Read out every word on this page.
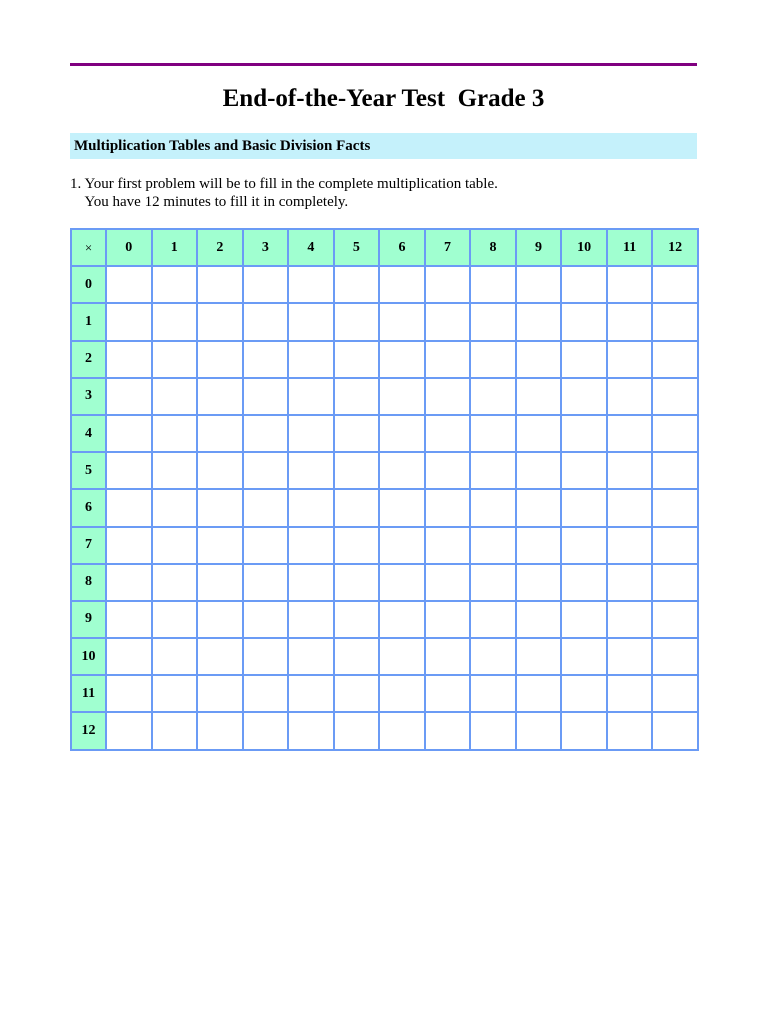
End-of-the-Year Test  Grade 3
Multiplication Tables and Basic Division Facts
1. Your first problem will be to fill in the complete multiplication table.
You have 12 minutes to fill it in completely.
×	0	1	2	3	4	5	6	7	8	9	10	11	12
0													
1													
2													
3													
4													
5													
6													
7													
8													
9													
10													
11													
12													
